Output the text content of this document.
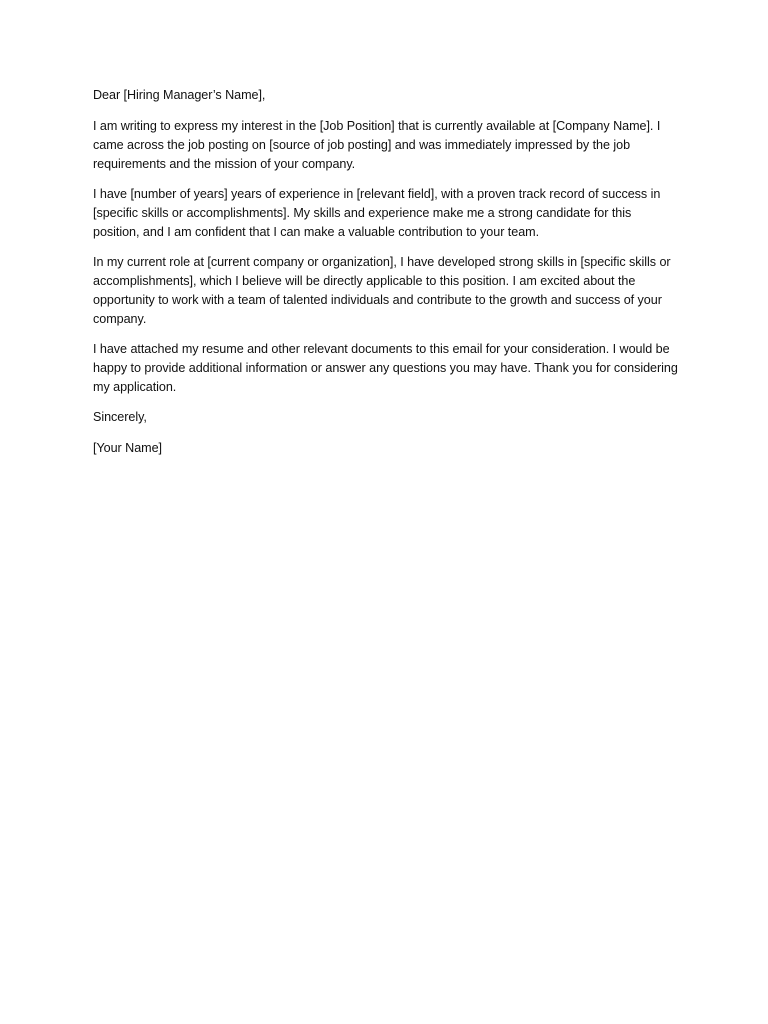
Dear [Hiring Manager’s Name],

I am writing to express my interest in the [Job Position] that is currently available at [Company Name]. I came across the job posting on [source of job posting] and was immediately impressed by the job requirements and the mission of your company.

I have [number of years] years of experience in [relevant field], with a proven track record of success in [specific skills or accomplishments]. My skills and experience make me a strong candidate for this position, and I am confident that I can make a valuable contribution to your team.

In my current role at [current company or organization], I have developed strong skills in [specific skills or accomplishments], which I believe will be directly applicable to this position. I am excited about the opportunity to work with a team of talented individuals and contribute to the growth and success of your company.

I have attached my resume and other relevant documents to this email for your consideration. I would be happy to provide additional information or answer any questions you may have. Thank you for considering my application.

Sincerely,

[Your Name]
